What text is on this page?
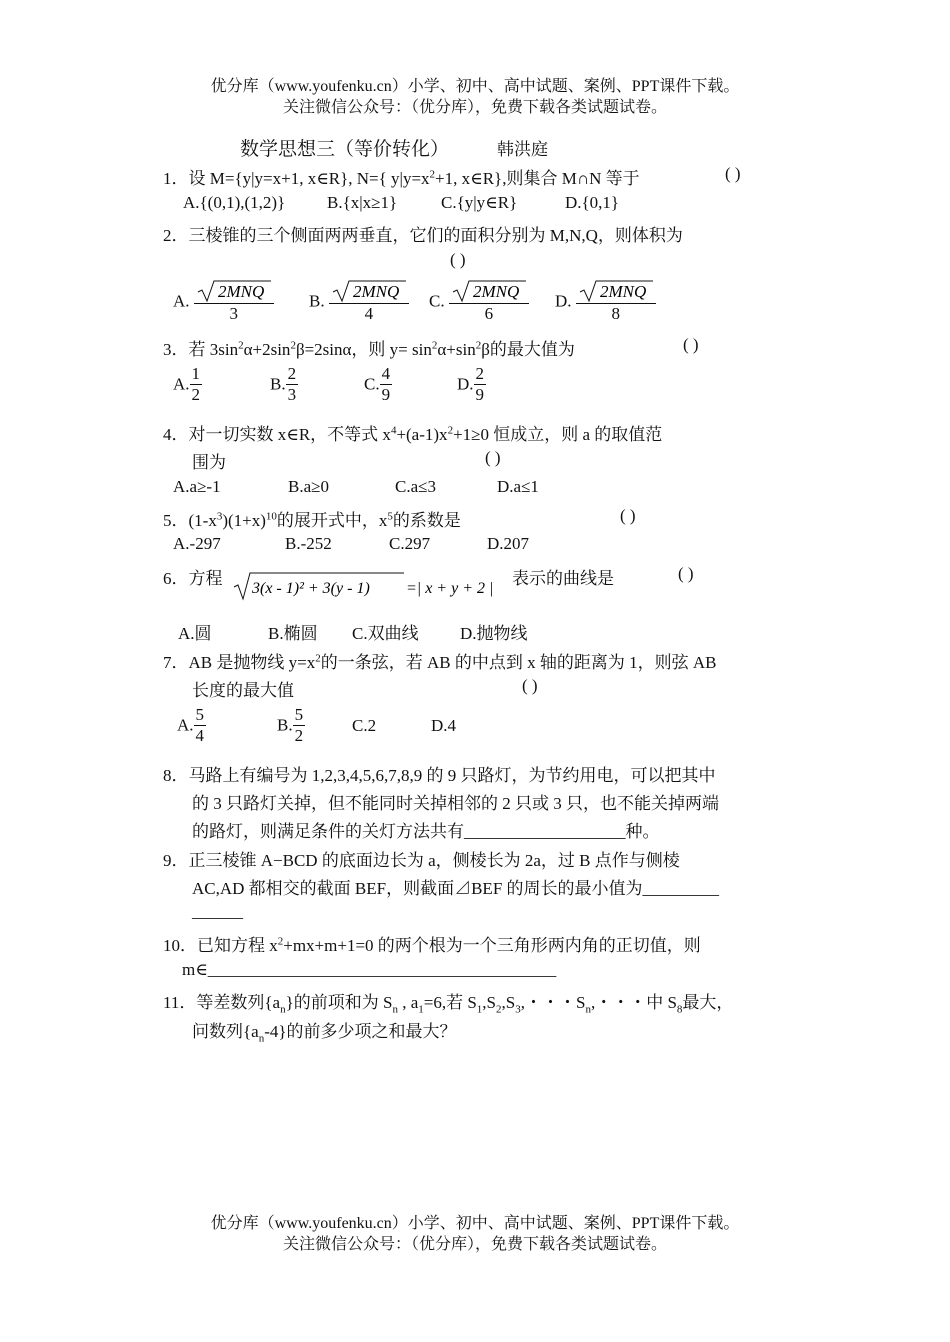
优分库（www.youfenku.cn）小学、初中、高中试题、案例、PPT课件下载。
关注微信公众号：（优分库），免费下载各类试题试卷。
数学思想三（等价转化）	韩洪庭
1．设 M={y|y=x+1, x∈R}, N={ $y|y=x^2+1$, x∈R},则集合 M∩N 等于	( )
A.{(0,1),(1,2)} B.{x|x≥1}	C.{y|y∈R}	D.{0,1}
2．三棱锥的三个侧面两两垂直，它们的面积分别为 M,N,Q，则体积为
( )
A. $\frac{\text{2MNQ}}{3} B$. $\frac{\text{2MNQ}}{4} C$. $\frac{\text{2MNQ}}{6} D$. $\frac{\text{2MNQ}}{8}$
3．若 $3\sin^2\alpha+2\sin^2\beta=2\sin\alpha$，则 $y= \sin^2\alpha+\sin^2\beta$的最大值为	( )
A. $\frac{1}{2}$	B. $\frac{2}{3}$	C. $\frac{4}{9}$	D. $\frac{2}{9}$
4．对一切实数 x∈R，不等式 $x^4+(a-1)x^2+1\ge 0$ 恒成立，则 a 的取值范
围为	( )
A.a≥-1	B.a≥0	C.a≤3	D.a≤1
5．$(1-x^3)(1+x)^{10}$的展开式中，$x^5$的系数是	( )
A.-297	B.-252	C.297	D.207
6．方程
3(x - 1)² + 3(y - 1) =| x + y + 2 |
表示的曲线是	( )
A.圆	B.椭圆 C.双曲线 D.抛物线
7．AB 是抛物线 $y=x^2$的一条弦，若 AB 的中点到 x 轴的距离为 1，则弦 AB
长度的最大值	( )
A. $\frac{5}{4}$	B. $\frac{5}{2}$	C.2	D.4
8．马路上有编号为 1,2,3,4,5,6,7,8,9 的 9 只路灯，为节约用电，可以把其中
的 3 只路灯关掉，但不能同时关掉相邻的 2 只或 3 只，也不能关掉两端
的路灯，则满足条件的关灯方法共有___________________种。
9．正三棱锥 A−BCD 的底面边长为 a，侧棱长为 2a，过 B 点作与侧棱
AC,AD 都相交的截面 BEF，则截面⊿BEF 的周长的最小值为_________
______
10．已知方程 $x^2+mx+m+1=0$ 的两个根为一个三角形两内角的正切值，则
m∈_________________________________________
11．等差数列$\{a_n\}$的前项和为 $S_n$ , $a_1=6$,若 $S_1,S_2,S_3$,・・・$S_n$,・・・中 $S_8$最大，
问数列$\{a_n-4\}$的前多少项之和最大？
优分库（www.youfenku.cn）小学、初中、高中试题、案例、PPT课件下载。
关注微信公众号：（优分库），免费下载各类试题试卷。
